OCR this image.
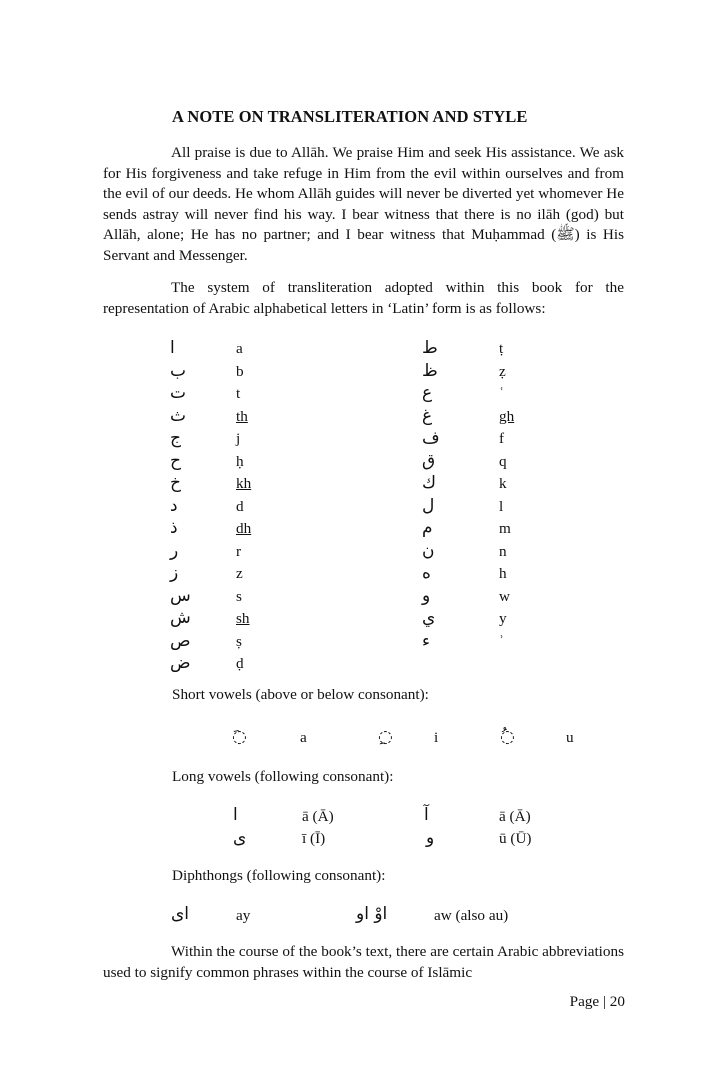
A NOTE ON TRANSLITERATION AND STYLE

All praise is due to Allāh. We praise Him and seek His assistance. We ask for His forgiveness and take refuge in Him from the evil within ourselves and from the evil of our deeds. He whom Allāh guides will never be diverted yet whomever He sends astray will never find his way. I bear witness that there is no ilāh (god) but Allāh, alone; He has no partner; and I bear witness that Muḥammad (ﷺ) is His Servant and Messenger.

The system of transliteration adopted within this book for the representation of Arabic alphabetical letters in ‘Latin’ form is as follows:

ا	a
ب	b
ت	t
ث	th
ج	j
ح	ḥ
خ	kh
د	d
ذ	dh
ر	r
ز	z
س	s
ش	sh
ص	ṣ
ض	ḍ
ط	ṭ
ظ	ẓ
ع	ʿ
غ	gh
ف	f
ق	q
ك	k
ل	l
م	m
ن	n
ه	h
و	w
ي	y
ء	ʾ
Short vowels (above or below consonant):
◌َ	a	◌ِ	i	◌ُ	u
Long vowels (following consonant):
ا	ā (Ā)	آ	ā (Ā)
ى	ī (Ī)	و	ū (Ū)
Diphthongs (following consonant):
اى	ay	اوْ او	aw (also au)

Within the course of the book’s text, there are certain Arabic abbreviations used to signify common phrases within the course of Islāmic

Page | 20
